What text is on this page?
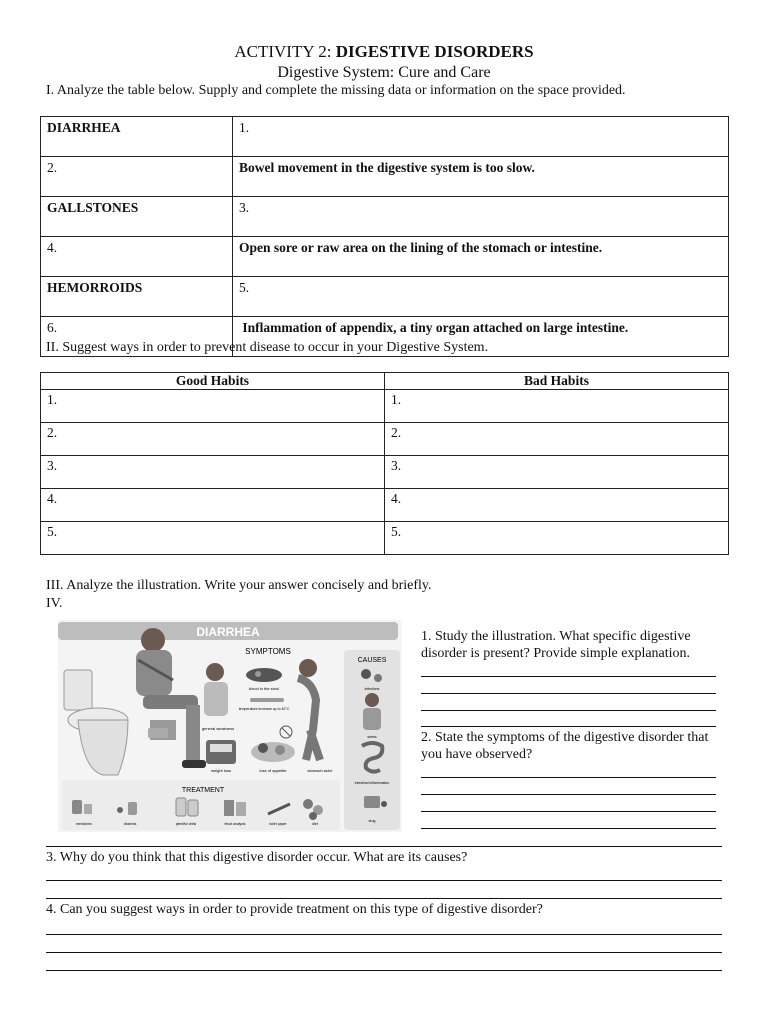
ACTIVITY 2: DIGESTIVE DISORDERS
Digestive System: Cure and Care
I. Analyze the table below. Supply and complete the missing data or information on the space provided.
DIARRHEA	1.
2.	Bowel movement in the digestive system is too slow.
GALLSTONES	3.
4.	Open sore or raw area on the lining of the stomach or intestine.
HEMORROIDS	5.
6.	Inflammation of appendix, a tiny organ attached on large intestine.
II. Suggest ways in order to prevent disease to occur in your Digestive System.
Good Habits	Bad Habits
1.	1.
2.	2.
3.	3.
4.	4.
5.	5.
III. Analyze the illustration. Write your answer concisely and briefly.
IV.
DIARRHEA
SYMPTOMS
blood in the stool
temperature increase up to 40°C
general weakness
weight loss	loss of appetite	stomach ache
CAUSES
infections
stress
intestinal inflammation
drug
TREATMENT
medicines	vitamins	plentiful drink	fecal analysis	toilet paper	diet
1. Study the illustration. What specific digestive disorder is present? Provide simple explanation.
2. State the symptoms of the digestive disorder that you have observed?
3. Why do you think that this digestive disorder occur. What are its causes?
4. Can you suggest ways in order to provide treatment on this type of digestive disorder?
